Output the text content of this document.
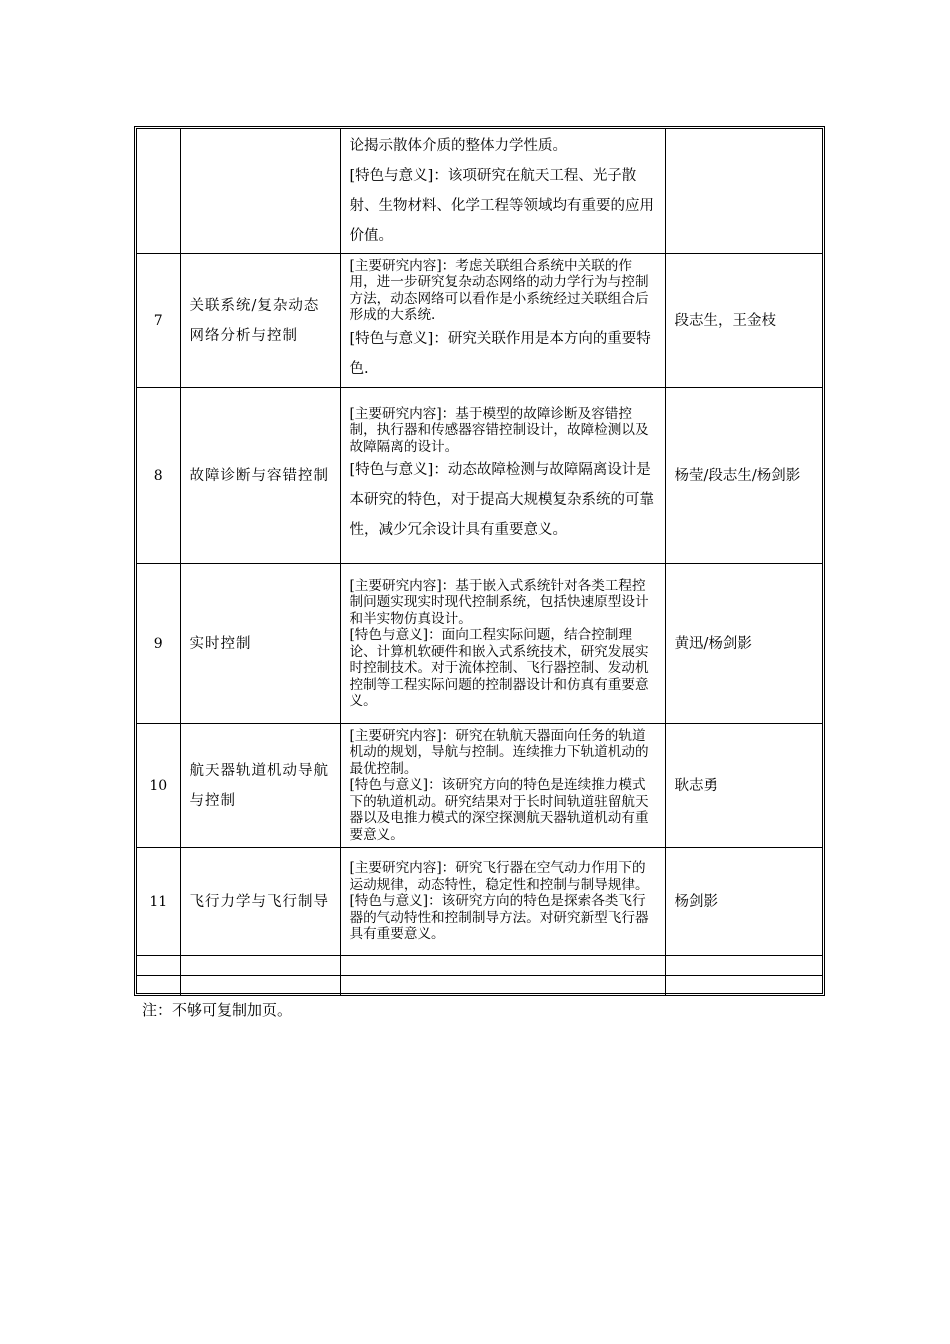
		论揭示散体介质的整体力学性质。
[特色与意义]：该项研究在航天工程、光子散射、生物材料、化学工程等领域均有重要的应用价值。	

7	关联系统/复杂动态网络分析与控制	[主要研究内容]：考虑关联组合系统中关联的作用，进一步研究复杂动态网络的动力学行为与控制方法，动态网络可以看作是小系统经过关联组合后形成的大系统.
[特色与意义]：研究关联作用是本方向的重要特色.	段志生，王金枝
8	故障诊断与容错控制	[主要研究内容]：基于模型的故障诊断及容错控制，执行器和传感器容错控制设计，故障检测以及故障隔离的设计。
[特色与意义]：动态故障检测与故障隔离设计是本研究的特色，对于提高大规模复杂系统的可靠性，减少冗余设计具有重要意义。	杨莹/段志生/杨剑影
9	实时控制	[主要研究内容]：基于嵌入式系统针对各类工程控制问题实现实时现代控制系统，包括快速原型设计和半实物仿真设计。
[特色与意义]：面向工程实际问题，结合控制理论、计算机软硬件和嵌入式系统技术，研究发展实时控制技术。对于流体控制、飞行器控制、发动机控制等工程实际问题的控制器设计和仿真有重要意义。	黄迅/杨剑影
10	航天器轨道机动导航与控制	[主要研究内容]：研究在轨航天器面向任务的轨道机动的规划，导航与控制。连续推力下轨道机动的最优控制。
[特色与意义]：该研究方向的特色是连续推力模式下的轨道机动。研究结果对于长时间轨道驻留航天器以及电推力模式的深空探测航天器轨道机动有重要意义。	耿志勇
11	飞行力学与飞行制导	[主要研究内容]：研究飞行器在空气动力作用下的运动规律，动态特性，稳定性和控制与制导规律。
[特色与意义]：该研究方向的特色是探索各类飞行器的气动特性和控制制导方法。对研究新型飞行器具有重要意义。	杨剑影

注：不够可复制加页。
